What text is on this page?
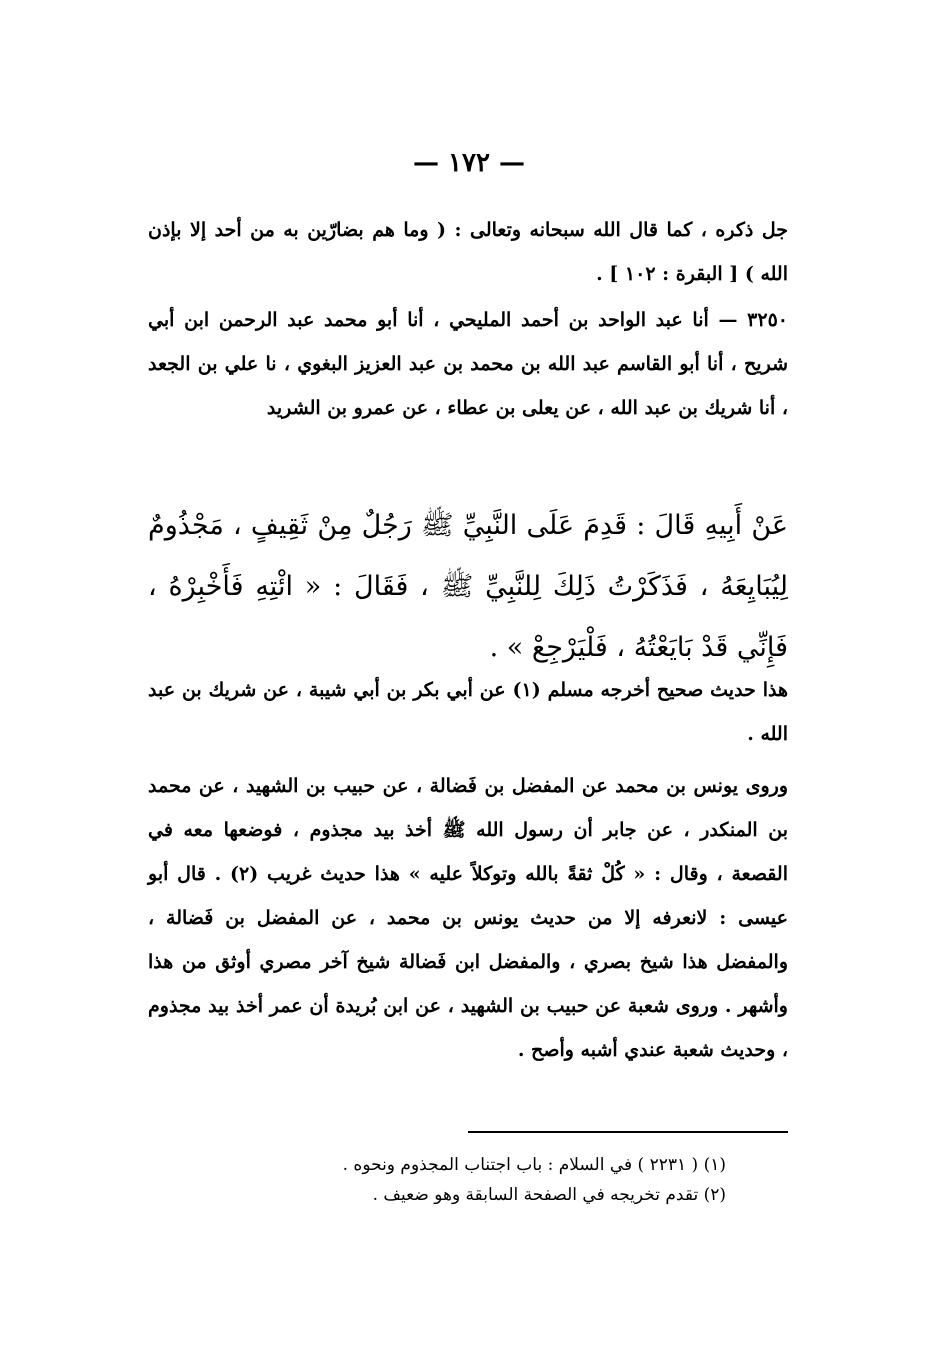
— ١٧٢ —

جل ذكره ، كما قال الله سبحانه وتعالى : ( وما هم بضارّين به من أحد إلا بإذن الله ) [ البقرة : ١٠٢ ] .

٣٢٥٠ — أنا عبد الواحد بن أحمد المليحي ، أنا أبو محمد عبد الرحمن ابن أبي شريح ، أنا أبو القاسم عبد الله بن محمد بن عبد العزيز البغوي ، نا علي بن الجعد ، أنا شريك بن عبد الله ، عن يعلى بن عطاء ، عن عمرو بن الشريد

عَنْ أَبِيهِ قَالَ : قَدِمَ عَلَى النَّبِيِّ ﷺ رَجُلٌ مِنْ ثَقِيفٍ ، مَجْذُومٌ لِيُبَايِعَهُ ، فَذَكَرْتُ ذَلِكَ لِلنَّبِيِّ ﷺ ، فَقَالَ : « ائْتِهِ فَأَخْبِرْهُ ، فَإِنِّي قَدْ بَايَعْتُهُ ، فَلْيَرْجِعْ » .

هذا حديث صحيح أخرجه مسلم (١) عن أبي بكر بن أبي شيبة ، عن شريك بن عبد الله .

وروى يونس بن محمد عن المفضل بن فَضالة ، عن حبيب بن الشهيد ، عن محمد بن المنكدر ، عن جابر أن رسول الله ﷺ أخذ بيد مجذوم ، فوضعها معه في القصعة ، وقال : « كُلْ ثقةً بالله وتوكلاً عليه » هذا حديث غريب (٢) . قال أبو عيسى : لانعرفه إلا من حديث يونس بن محمد ، عن المفضل بن فَضالة ، والمفضل هذا شيخ بصري ، والمفضل ابن فَضالة شيخ آخر مصري أوثق من هذا وأشهر . وروى شعبة عن حبيب بن الشهيد ، عن ابن بُريدة أن عمر أخذ بيد مجذوم ، وحديث شعبة عندي أشبه وأصح .

(١) ( ٢٢٣١ ) في السلام : باب اجتناب المجذوم ونحوه .
(٢) تقدم تخريجه في الصفحة السابقة وهو ضعيف .
